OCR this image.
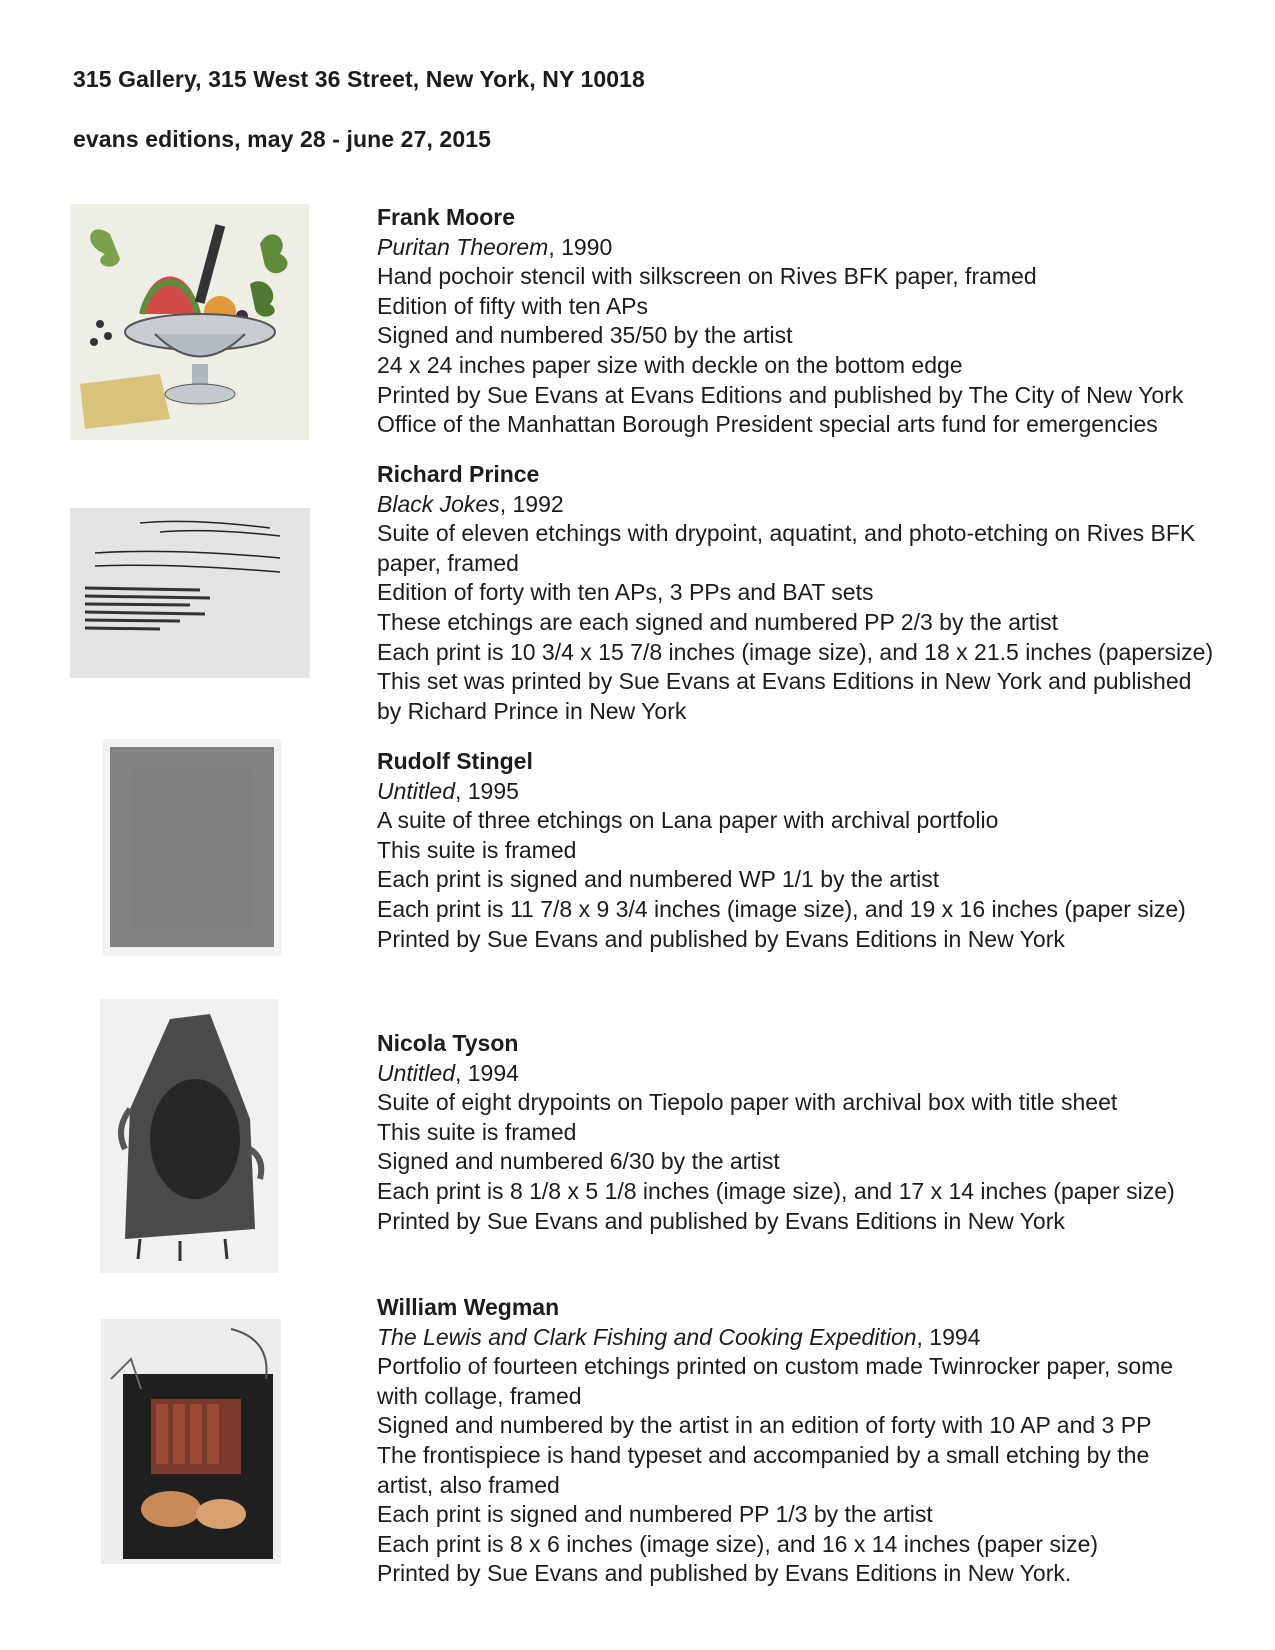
315 Gallery, 315 West 36 Street, New York, NY 10018
evans editions, may 28 - june 27, 2015
Frank Moore
Puritan Theorem, 1990
Hand pochoir stencil with silkscreen on Rives BFK paper, framed
Edition of fifty with ten APs
Signed and numbered 35/50 by the artist
24 x 24 inches paper size with deckle on the bottom edge
Printed by Sue Evans at Evans Editions and published by The City of New York
Office of the Manhattan Borough President special arts fund for emergencies
Richard Prince
Black Jokes, 1992
Suite of eleven etchings with drypoint, aquatint, and photo-etching on Rives BFK
paper, framed
Edition of forty with ten APs, 3 PPs and BAT sets
These etchings are each signed and numbered PP 2/3 by the artist
Each print is 10 3/4 x 15 7/8 inches (image size), and 18 x 21.5 inches (papersize)
This set was printed by Sue Evans at Evans Editions in New York and published
by Richard Prince in New York
Rudolf Stingel
Untitled, 1995
A suite of three etchings on Lana paper with archival portfolio
This suite is framed
Each print is signed and numbered WP 1/1 by the artist
Each print is 11 7/8 x 9 3/4 inches (image size), and 19 x 16 inches (paper size)
Printed by Sue Evans and published by Evans Editions in New York
Nicola Tyson
Untitled, 1994
Suite of eight drypoints on Tiepolo paper with archival box with title sheet
This suite is framed
Signed and numbered 6/30 by the artist
Each print is 8 1/8 x 5 1/8 inches (image size), and 17 x 14 inches (paper size)
Printed by Sue Evans and published by Evans Editions in New York
William Wegman
The Lewis and Clark Fishing and Cooking Expedition, 1994
Portfolio of fourteen etchings printed on custom made Twinrocker paper, some
with collage, framed
Signed and numbered by the artist in an edition of forty with 10 AP and 3 PP
The frontispiece is hand typeset and accompanied by a small etching by the
artist, also framed
Each print is signed and numbered PP 1/3 by the artist
Each print is 8 x 6 inches (image size), and 16 x 14 inches (paper size)
Printed by Sue Evans and published by Evans Editions in New York.
